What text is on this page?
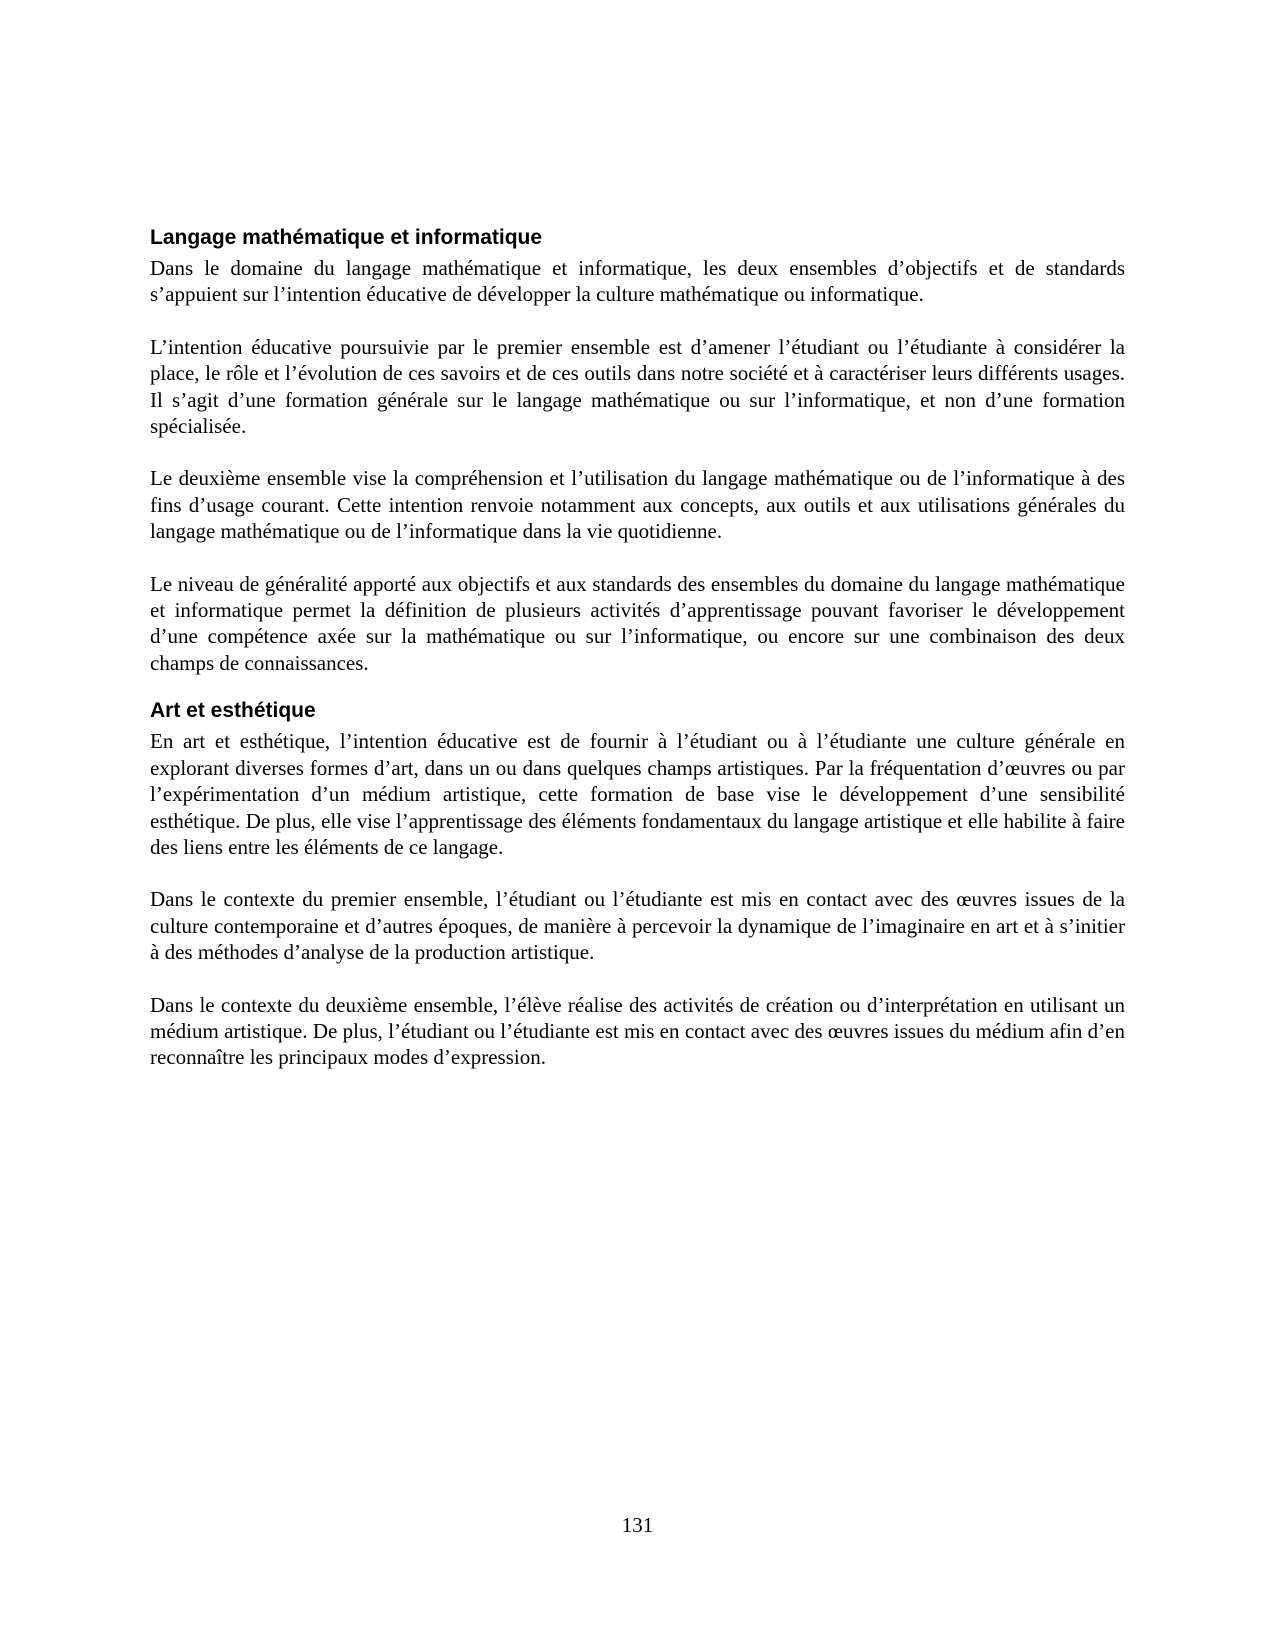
Langage mathématique et informatique

Dans le domaine du langage mathématique et informatique, les deux ensembles d’objectifs et de standards s’appuient sur l’intention éducative de développer la culture mathématique ou informatique.

L’intention éducative poursuivie par le premier ensemble est d’amener l’étudiant ou l’étudiante à considérer la place, le rôle et l’évolution de ces savoirs et de ces outils dans notre société et à caractériser leurs différents usages. Il s’agit d’une formation générale sur le langage mathématique ou sur l’informatique, et non d’une formation spécialisée.

Le deuxième ensemble vise la compréhension et l’utilisation du langage mathématique ou de l’informatique à des fins d’usage courant. Cette intention renvoie notamment aux concepts, aux outils et aux utilisations générales du langage mathématique ou de l’informatique dans la vie quotidienne.

Le niveau de généralité apporté aux objectifs et aux standards des ensembles du domaine du langage mathématique et informatique permet la définition de plusieurs activités d’apprentissage pouvant favoriser le développement d’une compétence axée sur la mathématique ou sur l’informatique, ou encore sur une combinaison des deux champs de connaissances.

Art et esthétique

En art et esthétique, l’intention éducative est de fournir à l’étudiant ou à l’étudiante une culture générale en explorant diverses formes d’art, dans un ou dans quelques champs artistiques. Par la fréquentation d’œuvres ou par l’expérimentation d’un médium artistique, cette formation de base vise le développement d’une sensibilité esthétique. De plus, elle vise l’apprentissage des éléments fondamentaux du langage artistique et elle habilite à faire des liens entre les éléments de ce langage.

Dans le contexte du premier ensemble, l’étudiant ou l’étudiante est mis en contact avec des œuvres issues de la culture contemporaine et d’autres époques, de manière à percevoir la dynamique de l’imaginaire en art et à s’initier à des méthodes d’analyse de la production artistique.

Dans le contexte du deuxième ensemble, l’élève réalise des activités de création ou d’interprétation en utilisant un médium artistique. De plus, l’étudiant ou l’étudiante est mis en contact avec des œuvres issues du médium afin d’en reconnaître les principaux modes d’expression.

131
